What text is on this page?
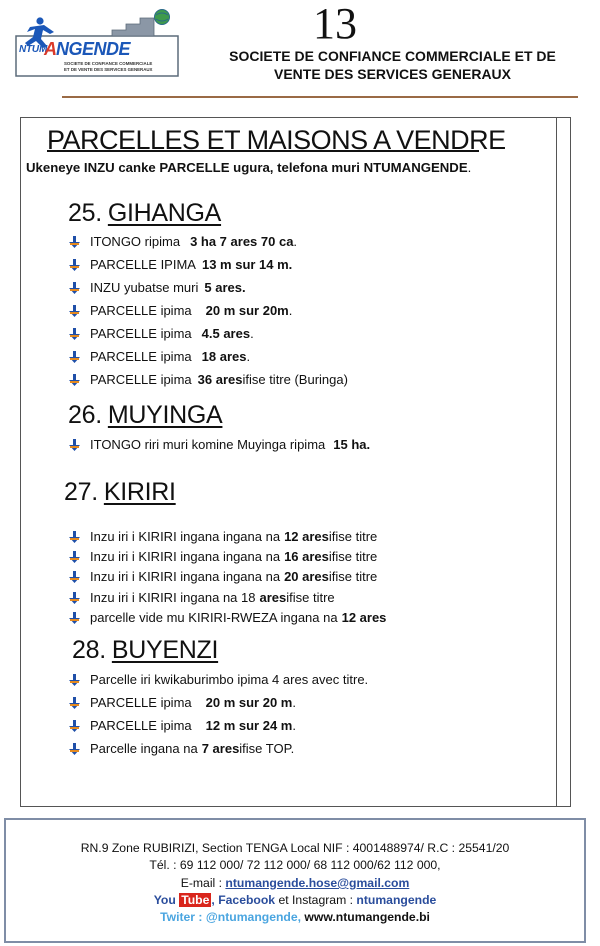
NTUM
A NGENDE
SOCIETE DE CONFIANCE COMMERCIALE
ET DE VENTE DES SERVICES GENERAUX
13
SOCIETE DE CONFIANCE COMMERCIALE ET DE
VENTE DES SERVICES GENERAUX
PARCELLES ET MAISONS A VENDRE
Ukeneye INZU canke PARCELLE ugura, telefona muri NTUMANGENDE.
25. GIHANGA
ITONGO ripima 3 ha 7 ares 70 ca .
PARCELLE IPIMA 13 m sur 14 m.
INZU yubatse muri 5 ares.
PARCELLE ipima 20 m sur 20m .
PARCELLE ipima 4.5 ares .
PARCELLE ipima 18 ares .
PARCELLE ipima 36 ares ifise titre (Buringa)
26. MUYINGA
ITONGO riri muri komine Muyinga ripima 15 ha.
27. KIRIRI
Inzu iri i KIRIRI ingana ingana na 12 ares ifise titre
Inzu iri i KIRIRI ingana ingana na 16 ares ifise titre
Inzu iri i KIRIRI ingana ingana na 20 ares ifise titre
Inzu iri i KIRIRI ingana na 18 ares ifise titre
parcelle vide mu KIRIRI-RWEZA ingana na 12 ares
28. BUYENZI
Parcelle iri kwikaburimbo ipima 4 ares avec titre.
PARCELLE ipima 20 m sur 20 m .
PARCELLE ipima 12 m sur 24 m .
Parcelle ingana na 7 ares ifise TOP.
RN.9 Zone RUBIRIZI, Section TENGA Local NIF : 4001488974/ R.C : 25541/20
Tél. : 69 112 000/ 72 112 000/ 68 112 000/62 112 000,
E-mail : ntumangende.hose@gmail.com
You Tube , Facebook et Instagram : ntumangende
Twiter : @ntumangende, www.ntumangende.bi
